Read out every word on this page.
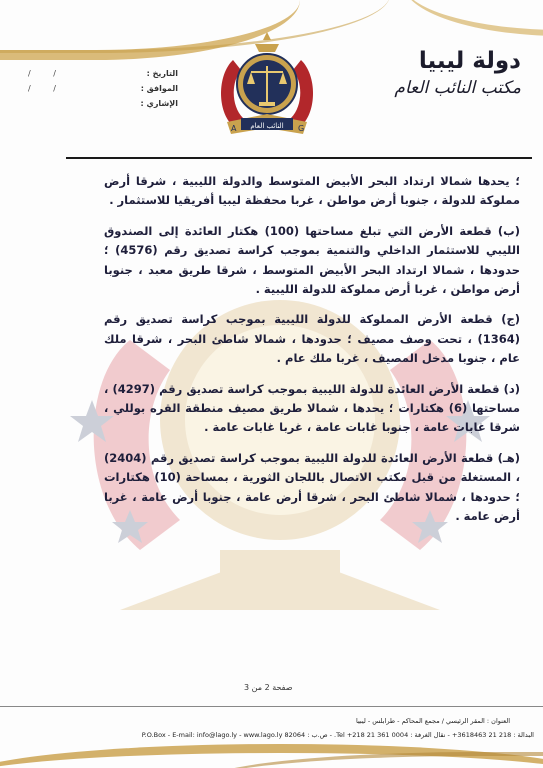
دولة ليبيا
مكتب النائب العام
التاريخ :
/ /
الموافق :
/ /
الإشاري :
A	G
النائب العام

؛ يحدها شمالا ارتداد البحر الأبيض المتوسط والدولة الليبية ، شرقا أرض مملوكة للدولة ، جنوبا أرض مواطن ، غربا محفظة ليبيا أفريقيا للاستثمار .

(ب) قطعة الأرض التي تبلغ مساحتها (100) هكتار العائدة إلى الصندوق الليبي للاستثمار الداخلي والتنمية بموجب كراسة تصديق رقم (4576) ؛ حدودها ، شمالا ارتداد البحر الأبيض المتوسط ، شرقا طريق معبد ، جنوبا أرض مواطن ، غربا أرض مملوكة للدولة الليبية .

(ج) قطعة الأرض المملوكة للدولة الليبية بموجب كراسة تصديق رقم (1364) ، تحت وصف مصيف ؛ حدودها ، شمالا شاطئ البحر ، شرقا ملك عام ، جنوبا مدخل المصيف ، غربا ملك عام .

(د) قطعة الأرض العائدة للدولة الليبية بموجب كراسة تصديق رقم (4297) ، مساحتها (6) هكتارات ؛ يحدها ، شمالا طريق مصيف منطقة القره بوللي ، شرقا غابات عامة ، جنوبا غابات عامة ، غربا غابات عامة .

(هـ) قطعة الأرض العائدة للدولة الليبية بموجب كراسة تصديق رقم (2404) ، المستغلة من قبل مكتب الاتصال باللجان الثورية ، بمساحة (10) هكتارات ؛ حدودها ، شمالا شاطئ البحر ، شرقا أرض عامة ، جنوبا أرض عامة ، غربا أرض عامة .

صفحة 2 من 3
العنوان : المقر الرئيسي / مجمع المحاكم - طرابلس - ليبيا
البدالة : 218 21 3618463+ - نقال الغرفة : 0004 361 21 218+ Tel. - ص.ب : 82064 P.O.Box - E-mail: info@lago.ly - www.lago.ly
